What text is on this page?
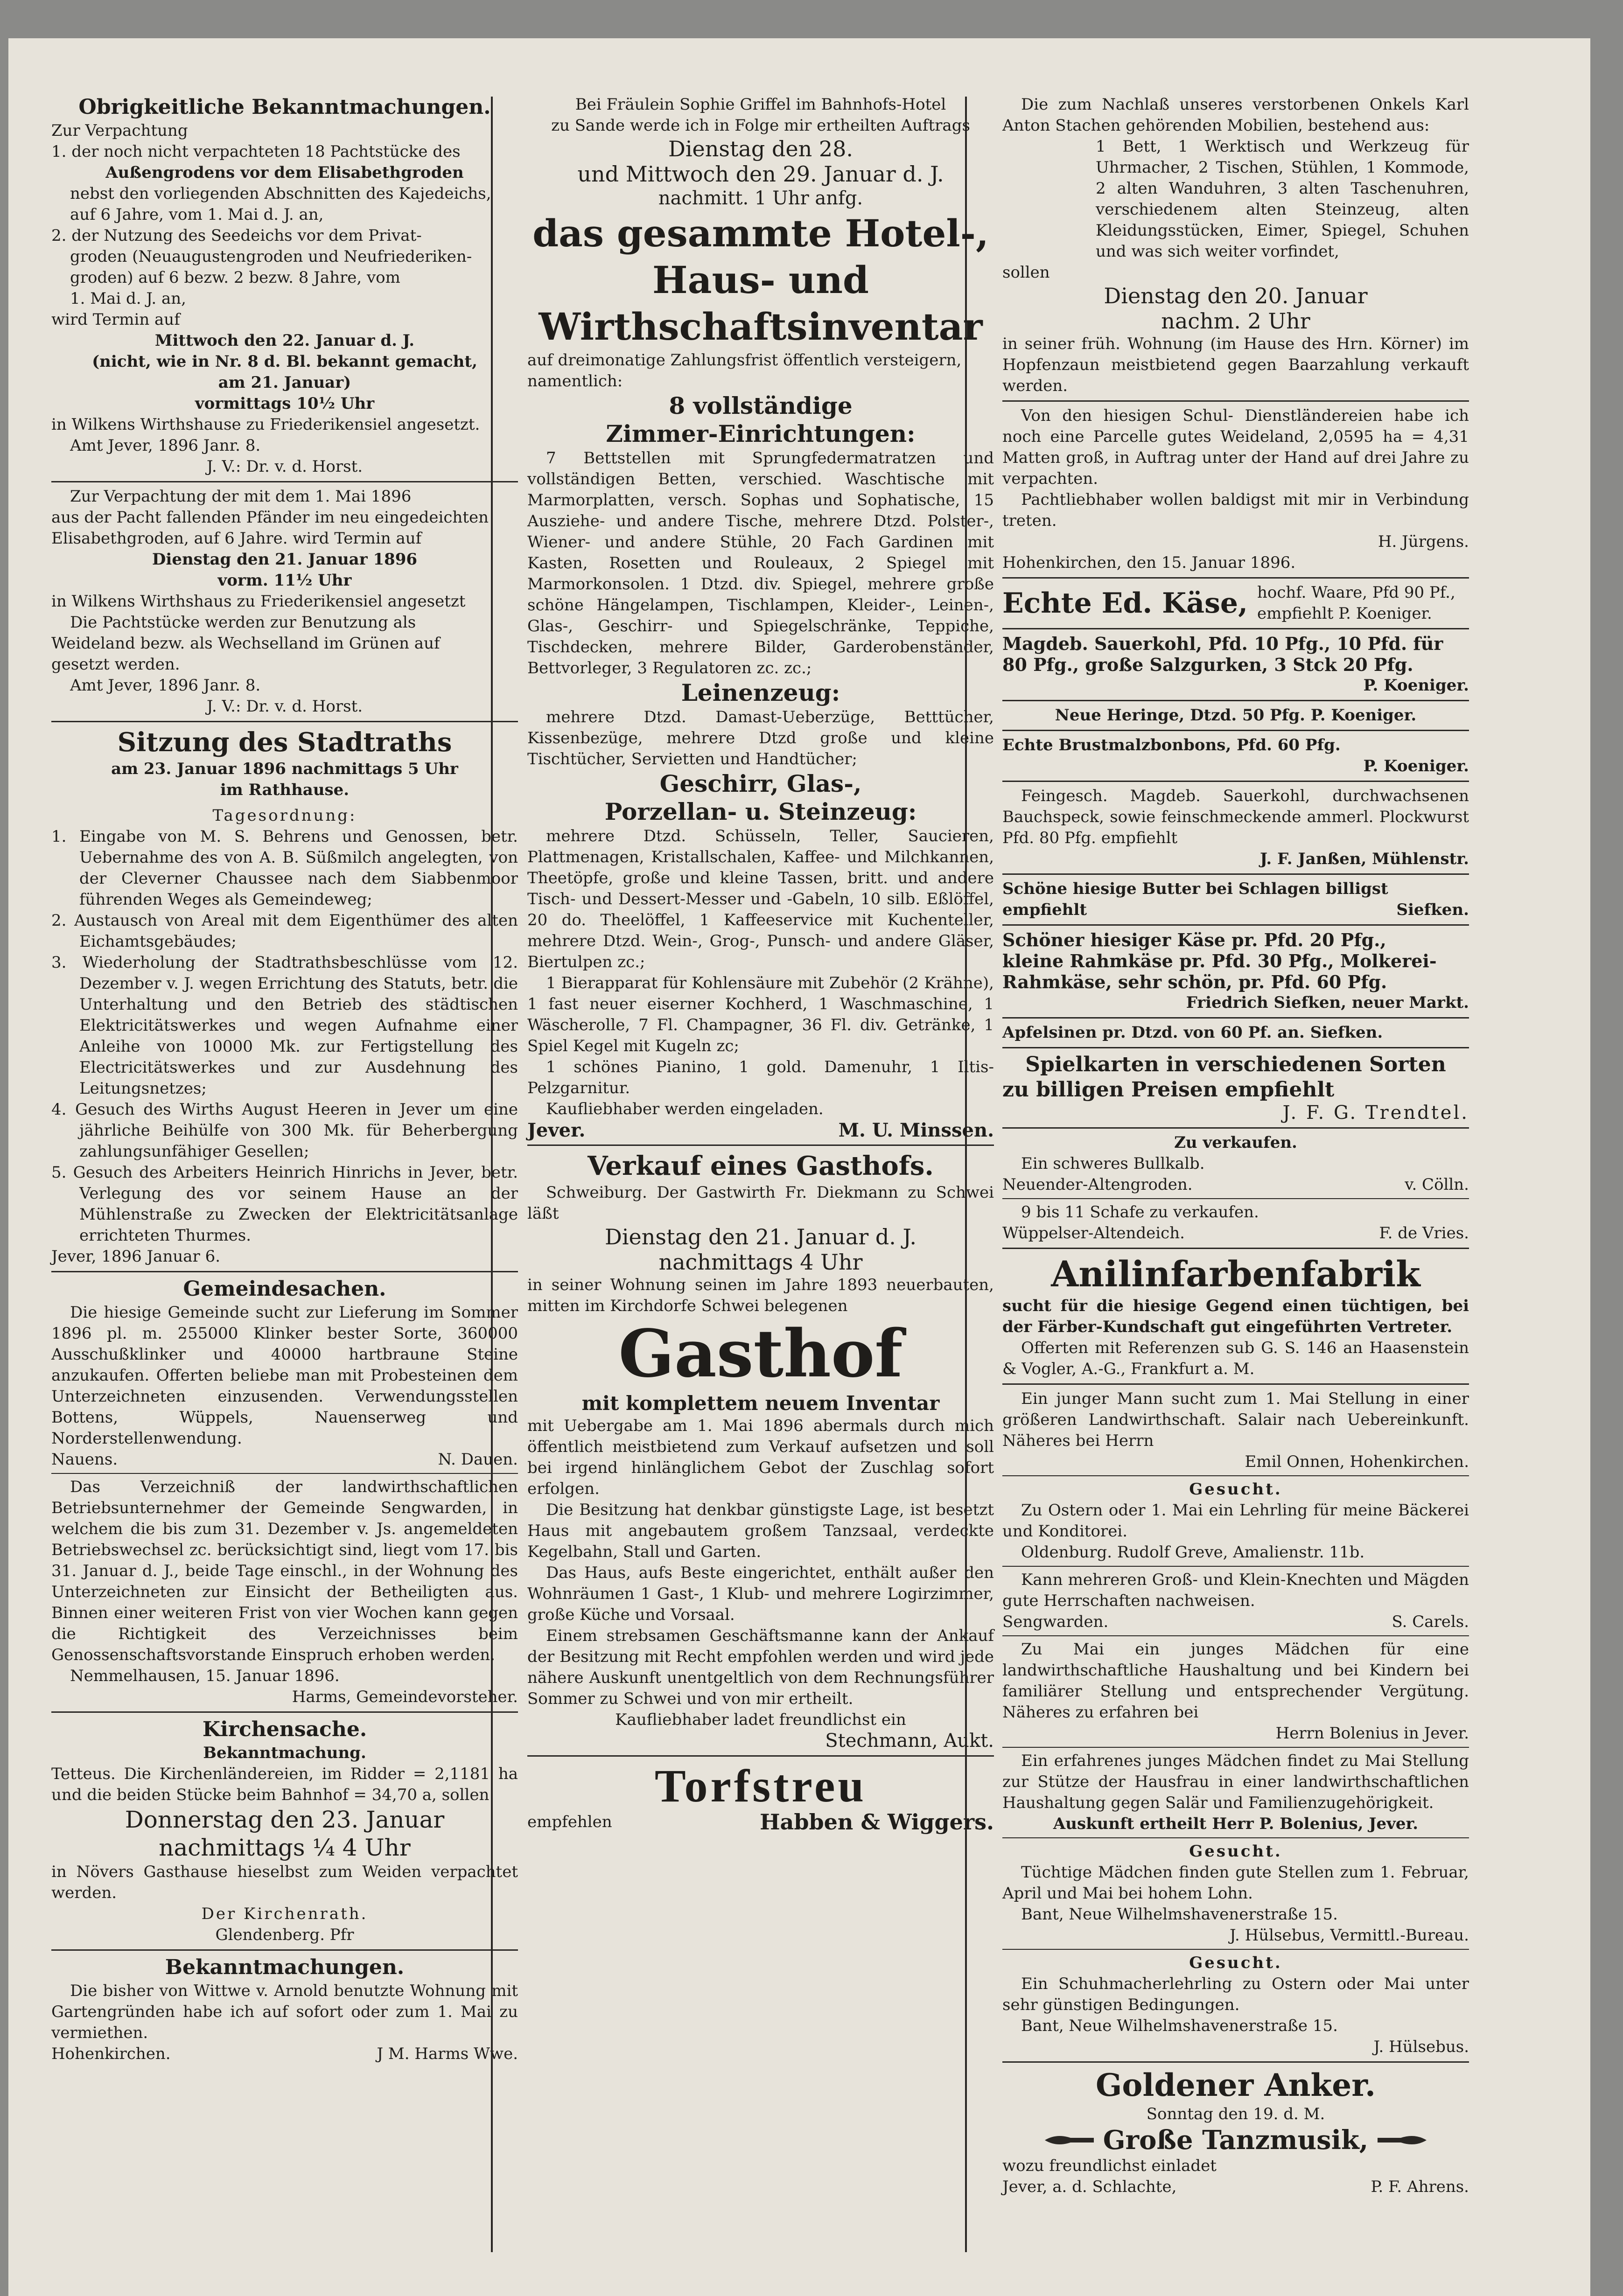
Obrigkeitliche Bekanntmachungen.

Zur Verpachtung

1. der noch nicht verpachteten 18 Pachtstücke des

Außengrodens vor dem Elisabethgroden

nebst den vorliegenden Abschnitten des Kajedeichs,

auf 6 Jahre, vom 1. Mai d. J. an,

2. der Nutzung des Seedeichs vor dem Privat-

groden (Neuaugustengroden und Neufriederiken-

groden) auf 6 bezw. 2 bezw. 8 Jahre, vom

1. Mai d. J. an,

wird Termin auf

Mittwoch den 22. Januar d. J.

(nicht, wie in Nr. 8 d. Bl. bekannt gemacht,

am 21. Januar)

vormittags 10½ Uhr

in Wilkens Wirthshause zu Friederikensiel angesetzt.

Amt Jever, 1896 Janr. 8.

J. V.: Dr. v. d. Horst.

Zur Verpachtung der mit dem 1. Mai 1896

aus der Pacht fallenden Pfänder im neu eingedeichten

Elisabethgroden, auf 6 Jahre. wird Termin auf

Dienstag den 21. Januar 1896

vorm. 11½ Uhr

in Wilkens Wirthshaus zu Friederikensiel angesetzt

Die Pachtstücke werden zur Benutzung als

Weideland bezw. als Wechselland im Grünen auf

gesetzt werden.

Amt Jever, 1896 Janr. 8.

J. V.: Dr. v. d. Horst.

Sitzung des Stadtraths

am 23. Januar 1896 nachmittags 5 Uhr

im Rathhause.

Tagesordnung:

1. Eingabe von M. S. Behrens und Genossen, betr. Uebernahme des von A. B. Süßmilch angelegten, von der Cleverner Chaussee nach dem Siabbenmoor führenden Weges als Gemeindeweg;

2. Austausch von Areal mit dem Eigenthümer des alten Eichamtsgebäudes;

3. Wiederholung der Stadtrathsbeschlüsse vom 12. Dezember v. J. wegen Errichtung des Statuts, betr. die Unterhaltung und den Betrieb des städtischen Elektricitätswerkes und wegen Aufnahme einer Anleihe von 10000 Mk. zur Fertigstellung des Electricitätswerkes und zur Ausdehnung des Leitungsnetzes;

4. Gesuch des Wirths August Heeren in Jever um eine jährliche Beihülfe von 300 Mk. für Beherbergung zahlungsunfähiger Gesellen;

5. Gesuch des Arbeiters Heinrich Hinrichs in Jever, betr. Verlegung des vor seinem Hause an der Mühlenstraße zu Zwecken der Elektricitätsanlage errichteten Thurmes.

Jever, 1896 Januar 6.

Gemeindesachen.

Die hiesige Gemeinde sucht zur Lieferung im Sommer 1896 pl. m. 255000 Klinker bester Sorte, 360000 Ausschußklinker und 40000 hartbraune Steine anzukaufen. Offerten beliebe man mit Probesteinen dem Unterzeichneten einzusenden. Verwendungsstellen Bottens, Wüppels, Nauenserweg und Norderstellenwendung.

Nauens.	N. Dauen.

Das Verzeichniß der landwirthschaftlichen Betriebsunternehmer der Gemeinde Sengwarden, in welchem die bis zum 31. Dezember v. Js. angemeldeten Betriebswechsel zc. berücksichtigt sind, liegt vom 17. bis 31. Januar d. J., beide Tage einschl., in der Wohnung des Unterzeichneten zur Einsicht der Betheiligten aus. Binnen einer weiteren Frist von vier Wochen kann gegen die Richtigkeit des Verzeichnisses beim Genossenschaftsvorstande Einspruch erhoben werden.

Nemmelhausen, 15. Januar 1896.

Harms, Gemeindevorsteher.

Kirchensache.

Bekanntmachung.

Tetteus. Die Kirchenländereien, im Ridder = 2,1181 ha und die beiden Stücke beim Bahnhof = 34,70 a, sollen

Donnerstag den 23. Januar

nachmittags ¼ 4 Uhr

in Növers Gasthause hieselbst zum Weiden verpachtet werden.

Der Kirchenrath.

Glendenberg. Pfr

Bekanntmachungen.

Die bisher von Wittwe v. Arnold benutzte Wohnung mit Gartengründen habe ich auf sofort oder zum 1. Mai zu vermiethen.

Hohenkirchen.	J M. Harms Wwe.

Bei Fräulein Sophie Griffel im Bahnhofs-Hotel

zu Sande werde ich in Folge mir ertheilten Auftrags

Dienstag den 28.

und Mittwoch den 29. Januar d. J.

nachmitt. 1 Uhr anfg.

das gesammte Hotel-,

Haus- und

Wirthschaftsinventar

auf dreimonatige Zahlungsfrist öffentlich versteigern,

namentlich:

8 vollständige

Zimmer-Einrichtungen:

7 Bettstellen mit Sprungfedermatratzen und vollständigen Betten, verschied. Waschtische mit Marmorplatten, versch. Sophas und Sophatische, 15 Ausziehe- und andere Tische, mehrere Dtzd. Polster-, Wiener- und andere Stühle, 20 Fach Gardinen mit Kasten, Rosetten und Rouleaux, 2 Spiegel mit Marmorkonsolen. 1 Dtzd. div. Spiegel, mehrere große schöne Hängelampen, Tischlampen, Kleider-, Leinen-, Glas-, Geschirr- und Spiegelschränke, Teppiche, Tischdecken, mehrere Bilder, Garderobenständer, Bettvorleger, 3 Regulatoren zc. zc.;

Leinenzeug:

mehrere Dtzd. Damast-Ueberzüge, Betttücher, Kissenbezüge, mehrere Dtzd große und kleine Tischtücher, Servietten und Handtücher;

Geschirr, Glas-,

Porzellan- u. Steinzeug:

mehrere Dtzd. Schüsseln, Teller, Saucieren, Plattmenagen, Kristallschalen, Kaffee- und Milchkannen, Theetöpfe, große und kleine Tassen, britt. und andere Tisch- und Dessert-Messer und -Gabeln, 10 silb. Eßlöffel, 20 do. Theelöffel, 1 Kaffeeservice mit Kuchenteller, mehrere Dtzd. Wein-, Grog-, Punsch- und andere Gläser, Biertulpen zc.;

1 Bierapparat für Kohlensäure mit Zubehör (2 Krähne), 1 fast neuer eiserner Kochherd, 1 Waschmaschine, 1 Wäscherolle, 7 Fl. Champagner, 36 Fl. div. Getränke, 1 Spiel Kegel mit Kugeln zc;

1 schönes Pianino, 1 gold. Damenuhr, 1 Iltis-Pelzgarnitur.

Kaufliebhaber werden eingeladen.

Jever.	M. U. Minssen.

Verkauf eines Gasthofs.

Schweiburg. Der Gastwirth Fr. Diekmann zu Schwei läßt

Dienstag den 21. Januar d. J.

nachmittags 4 Uhr

in seiner Wohnung seinen im Jahre 1893 neuerbauten, mitten im Kirchdorfe Schwei belegenen

Gasthof

mit komplettem neuem Inventar

mit Uebergabe am 1. Mai 1896 abermals durch mich öffentlich meistbietend zum Verkauf aufsetzen und soll bei irgend hinlänglichem Gebot der Zuschlag sofort erfolgen.

Die Besitzung hat denkbar günstigste Lage, ist besetzt Haus mit angebautem großem Tanzsaal, verdeckte Kegelbahn, Stall und Garten.

Das Haus, aufs Beste eingerichtet, enthält außer den Wohnräumen 1 Gast-, 1 Klub- und mehrere Logirzimmer, große Küche und Vorsaal.

Einem strebsamen Geschäftsmanne kann der Ankauf der Besitzung mit Recht empfohlen werden und wird jede nähere Auskunft unentgeltlich von dem Rechnungsführer Sommer zu Schwei und von mir ertheilt.

Kaufliebhaber ladet freundlichst ein

Stechmann, Aukt.

Torfstreu

empfehlen	Habben & Wiggers.

Die zum Nachlaß unseres verstorbenen Onkels Karl Anton Stachen gehörenden Mobilien, bestehend aus:

1 Bett, 1 Werktisch und Werkzeug für Uhrmacher, 2 Tischen, Stühlen, 1 Kommode, 2 alten Wanduhren, 3 alten Taschenuhren, verschiedenem alten Steinzeug, alten Kleidungsstücken, Eimer, Spiegel, Schuhen und was sich weiter vorfindet,

sollen

Dienstag den 20. Januar

nachm. 2 Uhr

in seiner früh. Wohnung (im Hause des Hrn. Körner) im Hopfenzaun meistbietend gegen Baarzahlung verkauft werden.

Von den hiesigen Schul- Dienstländereien habe ich noch eine Parcelle gutes Weideland, 2,0595 ha = 4,31 Matten groß, in Auftrag unter der Hand auf drei Jahre zu verpachten.

Pachtliebhaber wollen baldigst mit mir in Verbindung treten.

H. Jürgens.

Hohenkirchen, den 15. Januar 1896.

Echte Ed. Käse, hochf. Waare, Pfd 90 Pf., empfiehlt P. Koeniger.

Magdeb. Sauerkohl, Pfd. 10 Pfg., 10 Pfd. für

80 Pfg., große Salzgurken, 3 Stck 20 Pfg.

P. Koeniger.

Neue Heringe, Dtzd. 50 Pfg. P. Koeniger.

Echte Brustmalzbonbons, Pfd. 60 Pfg.

P. Koeniger.

Feingesch. Magdeb. Sauerkohl, durchwachsenen Bauchspeck, sowie feinschmeckende ammerl. Plockwurst Pfd. 80 Pfg. empfiehlt

J. F. Janßen, Mühlenstr.

Schöne hiesige Butter bei Schlagen billigst

empfiehlt	Siefken.

Schöner hiesiger Käse pr. Pfd. 20 Pfg.,

kleine Rahmkäse pr. Pfd. 30 Pfg., Molkerei-

Rahmkäse, sehr schön, pr. Pfd. 60 Pfg.

Friedrich Siefken, neuer Markt.

Apfelsinen pr. Dtzd. von 60 Pf. an. Siefken.

Spielkarten in verschiedenen Sorten

zu billigen Preisen empfiehlt

J. F. G. Trendtel.

Zu verkaufen.

Ein schweres Bullkalb.

Neuender-Altengroden.	v. Cölln.

9 bis 11 Schafe zu verkaufen.

Wüppelser-Altendeich.	F. de Vries.

Anilinfarbenfabrik

sucht für die hiesige Gegend einen tüchtigen, bei der Färber-Kundschaft gut eingeführten Vertreter.

Offerten mit Referenzen sub G. S. 146 an Haasenstein & Vogler, A.-G., Frankfurt a. M.

Ein junger Mann sucht zum 1. Mai Stellung in einer größeren Landwirthschaft. Salair nach Uebereinkunft. Näheres bei Herrn

Emil Onnen, Hohenkirchen.

Gesucht.

Zu Ostern oder 1. Mai ein Lehrling für meine Bäckerei und Konditorei.

Oldenburg. Rudolf Greve, Amalienstr. 11b.

Kann mehreren Groß- und Klein-Knechten und Mägden gute Herrschaften nachweisen.

Sengwarden.	S. Carels.

Zu Mai ein junges Mädchen für eine landwirthschaftliche Haushaltung und bei Kindern bei familiärer Stellung und entsprechender Vergütung. Näheres zu erfahren bei

Herrn Bolenius in Jever.

Ein erfahrenes junges Mädchen findet zu Mai Stellung zur Stütze der Hausfrau in einer landwirthschaftlichen Haushaltung gegen Salär und Familienzugehörigkeit.

Auskunft ertheilt Herr P. Bolenius, Jever.

Gesucht.

Tüchtige Mädchen finden gute Stellen zum 1. Februar, April und Mai bei hohem Lohn.

Bant, Neue Wilhelmshavenerstraße 15.

J. Hülsebus, Vermittl.-Bureau.

Gesucht.

Ein Schuhmacherlehrling zu Ostern oder Mai unter sehr günstigen Bedingungen.

Bant, Neue Wilhelmshavenerstraße 15.

J. Hülsebus.

Goldener Anker.

Sonntag den 19. d. M.

Große Tanzmusik,

wozu freundlichst einladet

Jever, a. d. Schlachte,	P. F. Ahrens.
